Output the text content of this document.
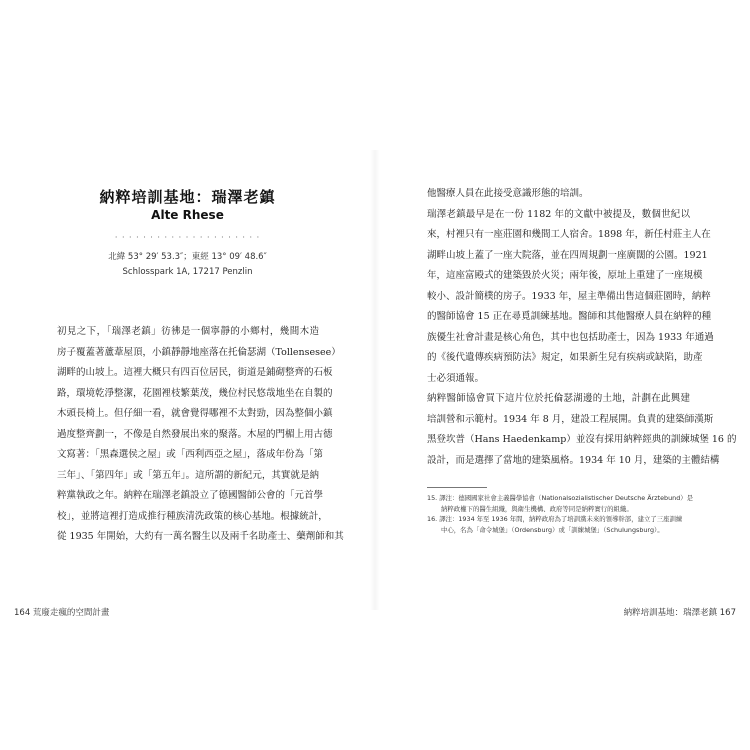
納粹培訓基地：瑞澤老鎮
Alte Rhese
· · · · · · · · · · · · · · · · · · · · ·
北緯 53° 29′ 53.3″；東經 13° 09′ 48.6″
Schlosspark 1A, 17217 Penzlin
初見之下，「瑞澤老鎮」彷彿是一個寧靜的小鄉村，幾間木造
房子覆蓋著蘆葦屋頂，小鎮靜靜地座落在托倫瑟湖（Tollensesee）
湖畔的山坡上。這裡大概只有四百位居民，街道是鋪砌整齊的石板
路，環境乾淨整潔，花園裡枝繁葉茂，幾位村民悠哉地坐在自製的
木頭長椅上。但仔細一看，就會覺得哪裡不太對勁，因為整個小鎮
過度整齊劃一，不像是自然發展出來的聚落。木屋的門楣上用古德
文寫著：「黑森選侯之屋」或「西利西亞之屋」，落成年份為「第
三年」、「第四年」或「第五年」。這所謂的新紀元，其實就是納
粹黨執政之年。納粹在瑞澤老鎮設立了德國醫師公會的「元首學
校」，並將這裡打造成推行種族清洗政策的核心基地。根據統計，
從 1935 年開始，大約有一萬名醫生以及兩千名助產士、藥劑師和其
164 荒廢走瘋的空間計畫
他醫療人員在此接受意識形態的培訓。
瑞澤老鎮最早是在一份 1182 年的文獻中被提及，數個世紀以
來，村裡只有一座莊園和幾間工人宿舍。1898 年，新任村莊主人在
湖畔山坡上蓋了一座大院落，並在四周規劃一座廣闊的公園。1921
年，這座富殿式的建築毀於火災；兩年後，原址上重建了一座規模
較小、設計簡樸的房子。1933 年，屋主準備出售這個莊園時，納粹
的醫師協會 15 正在尋覓訓練基地。醫師和其他醫療人員在納粹的種
族優生社會計畫是核心角色，其中也包括助產士，因為 1933 年通過
的《後代遺傳疾病預防法》規定，如果新生兒有疾病或缺陷，助產
士必須通報。
納粹醫師協會買下這片位於托倫瑟湖邊的土地，計劃在此興建
培訓營和示範村。1934 年 8 月，建設工程展開。負責的建築師漢斯
黑登坎普（Hans Haedenkamp）並沒有採用納粹經典的訓練城堡 16 的
設計，而是選擇了當地的建築風格。1934 年 10 月，建築的主體結構
15. 譯注：德國國家社會主義醫學協會（Nationalsozialistischer Deutsche Ärztebund）是
納粹政權下的醫生組織，與衛生機構、政府等同是納粹實行的組織。
16. 譯注：1934 年至 1936 年間，納粹政府為了培訓黨未來的領導幹部，建立了三座訓練
中心，名為「命令城堡」（Ordensburg）或「訓練城堡」（Schulungsburg）。
納粹培訓基地：瑞澤老鎮 167
